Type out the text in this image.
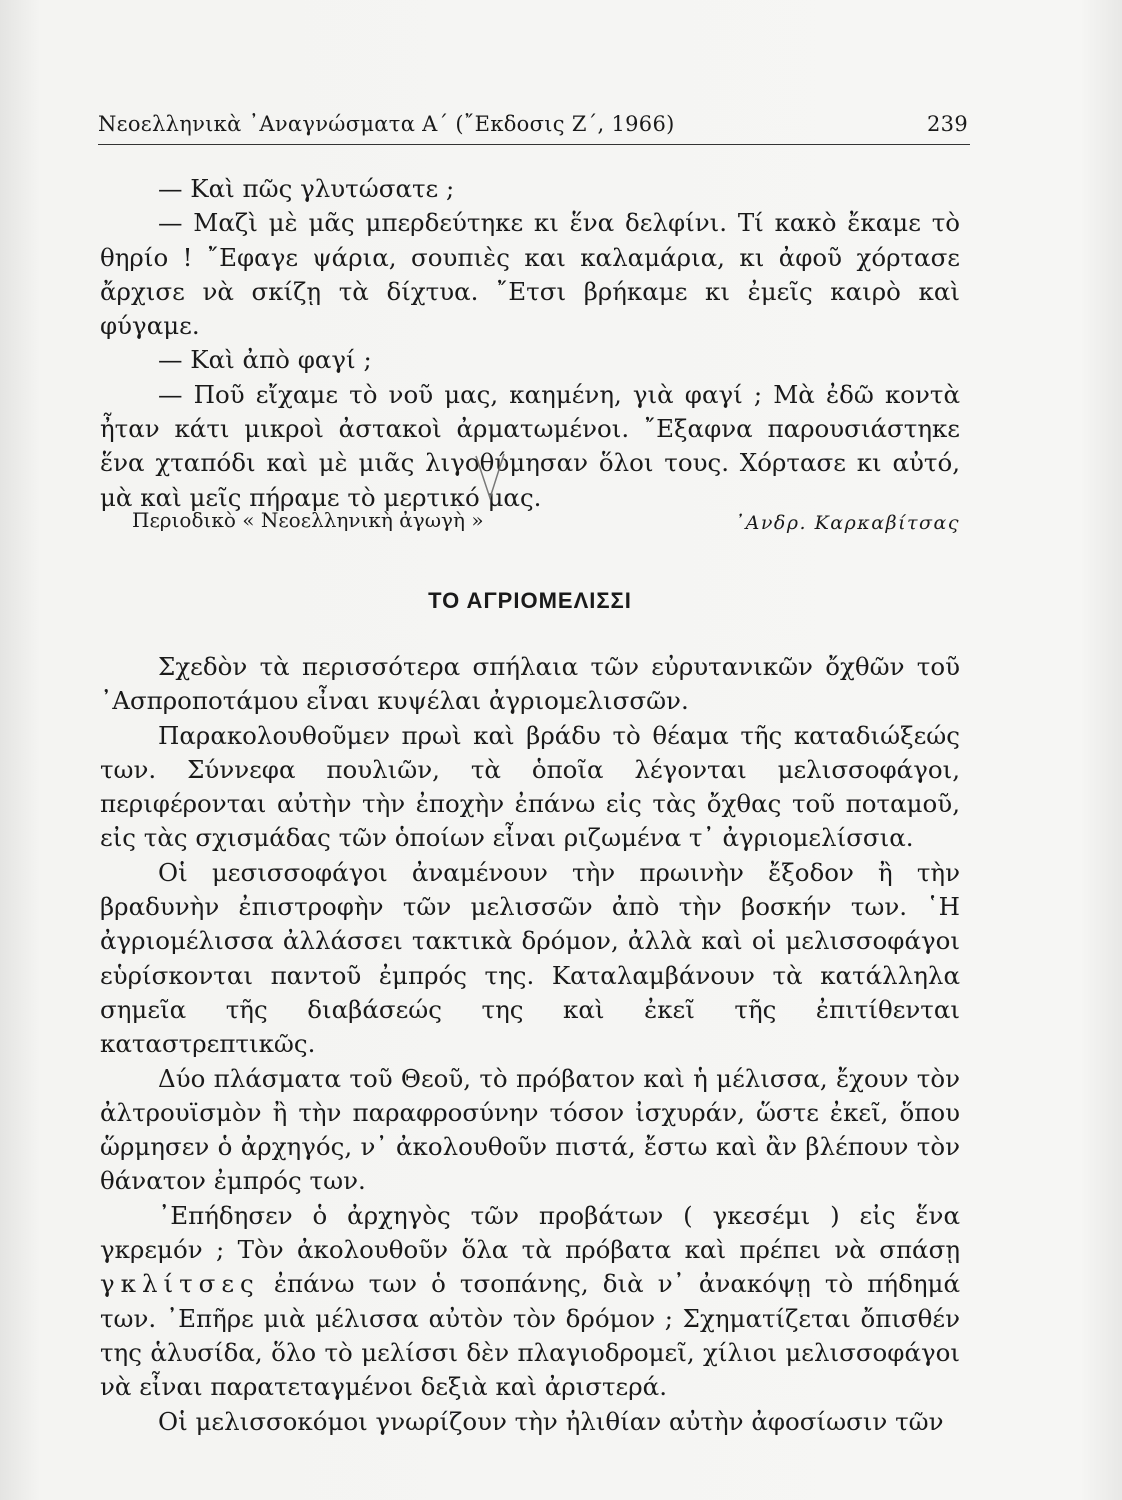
Νεοελληνικὰ ᾿Αναγνώσματα Α΄ (῎Εκδοσις Ζ΄, 1966)	239

— Καὶ πῶς γλυτώσατε ;

— Μαζὶ μὲ μᾶς μπερδεύτηκε κι ἕνα δελφίνι. Τί κακὸ ἔκαμε τὸ θηρίο ! ῎Εφαγε ψάρια, σουπιὲς και καλαμάρια, κι ἀφοῦ χόρτασε ἄρχισε νὰ σκίζῃ τὰ δίχτυα. ῎Ετσι βρήκαμε κι ἐμεῖς καιρὸ καὶ φύγαμε.

— Καὶ ἀπὸ φαγί ;

— Ποῦ εἴχαμε τὸ νοῦ μας, καημένη, γιὰ φαγί ; Μὰ ἐδῶ κοντὰ ἦταν κάτι μικροὶ ἀστακοὶ ἀρματωμένοι. ῎Εξαφνα παρουσιάστηκε ἕνα χταπόδι καὶ μὲ μιᾶς λιγοθύμησαν ὅλοι τους. Χόρτασε κι αὐτό, μὰ καὶ μεῖς πήραμε τὸ μερτικό μας.

Περιοδικὸ « Νεοελληνικὴ ἀγωγὴ »	᾿Ανδρ. Καρκαβίτσας
ΤΟ ΑΓΡΙΟΜΕΛΙΣΣΙ

Σχεδὸν τὰ περισσότερα σπήλαια τῶν εὐρυτανικῶν ὄχθῶν τοῦ ᾿Ασπροποτάμου εἶναι κυψέλαι ἀγριομελισσῶν.

Παρακολουθοῦμεν πρωὶ καὶ βράδυ τὸ θέαμα τῆς καταδιώξεώς των. Σύννεφα πουλιῶν, τὰ ὁποῖα λέγονται μελισσοφάγοι, περιφέρονται αὐτὴν τὴν ἐποχὴν ἐπάνω εἰς τὰς ὄχθας τοῦ ποταμοῦ, εἰς τὰς σχισμάδας τῶν ὁποίων εἶναι ριζωμένα τ᾿ ἀγριομελίσσια.

Οἱ μεσισσοφάγοι ἀναμένουν τὴν πρωινὴν ἔξοδον ἢ τὴν βραδυνὴν ἐπιστροφὴν τῶν μελισσῶν ἀπὸ τὴν βοσκήν των. ῾Η ἀγριομέλισσα ἀλλάσσει τακτικὰ δρόμον, ἀλλὰ καὶ οἱ μελισσοφάγοι εὑρίσκονται παντοῦ ἐμπρός της. Καταλαμβάνουν τὰ κατάλληλα σημεῖα τῆς διαβάσεώς της καὶ ἐκεῖ τῆς ἐπιτίθενται καταστρεπτικῶς.

Δύο πλάσματα τοῦ Θεοῦ, τὸ πρόβατον καὶ ἡ μέλισσα, ἔχουν τὸν ἀλτρουϊσμὸν ἢ τὴν παραφροσύνην τόσον ἰσχυράν, ὥστε ἐκεῖ, ὅπου ὥρμησεν ὁ ἀρχηγός, ν᾿ ἀκολουθοῦν πιστά, ἔστω καὶ ἂν βλέπουν τὸν θάνατον ἐμπρός των.

᾿Επήδησεν ὁ ἀρχηγὸς τῶν προβάτων ( γκεσέμι ) εἰς ἕνα γκρεμόν ; Τὸν ἀκολουθοῦν ὅλα τὰ πρόβατα καὶ πρέπει νὰ σπάσῃ γκλίτσες ἐπάνω των ὁ τσοπάνης, διὰ ν᾿ ἀνακόψῃ τὸ πήδημά των. ᾿Επῆρε μιὰ μέλισσα αὐτὸν τὸν δρόμον ; Σχηματίζεται ὄπισθέν της ἁλυσίδα, ὅλο τὸ μελίσσι δὲν πλαγιοδρομεῖ, χίλιοι μελισσοφάγοι νὰ εἶναι παρατεταγμένοι δεξιὰ καὶ ἀριστερά.

Οἱ μελισσοκόμοι γνωρίζουν τὴν ἠλιθίαν αὐτὴν ἀφοσίωσιν τῶν
